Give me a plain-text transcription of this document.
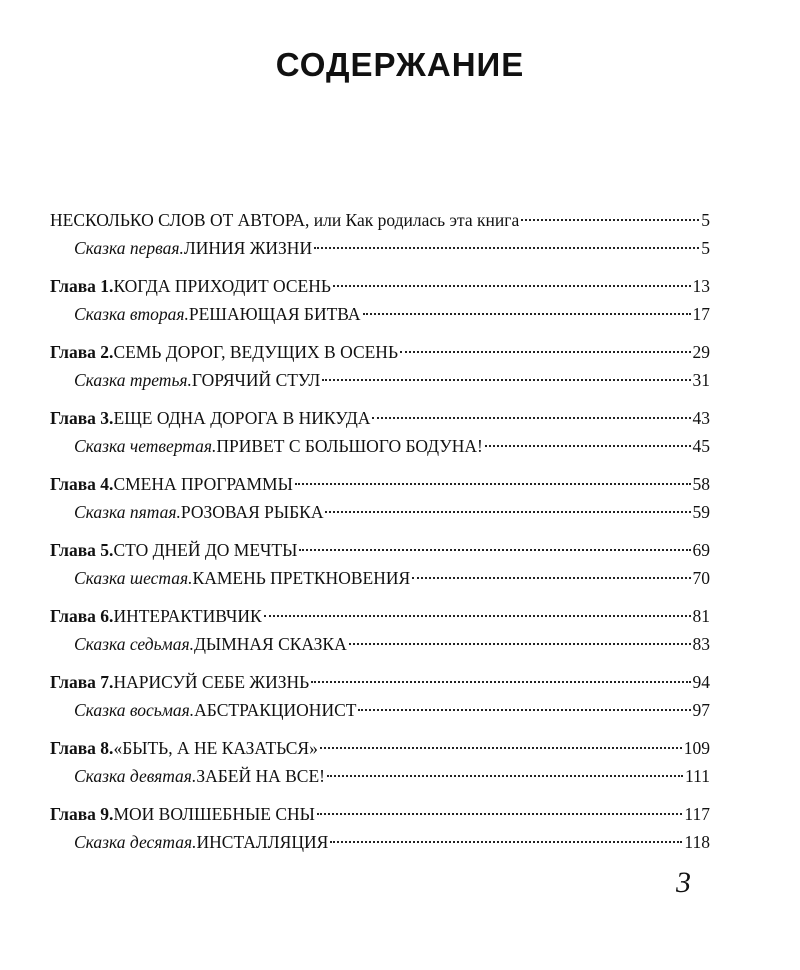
СОДЕРЖАНИЕ
НЕСКОЛЬКО СЛОВ ОТ АВТОРА, или Как родилась эта книга	5
Сказка первая. ЛИНИЯ ЖИЗНИ	5
Глава 1. КОГДА ПРИХОДИТ ОСЕНЬ	13
Сказка вторая. РЕШАЮЩАЯ БИТВА	17
Глава 2. СЕМЬ ДОРОГ, ВЕДУЩИХ В ОСЕНЬ	29
Сказка третья. ГОРЯЧИЙ СТУЛ	31
Глава 3. ЕЩЕ ОДНА ДОРОГА В НИКУДА	43
Сказка четвертая. ПРИВЕТ С БОЛЬШОГО БОДУНА!	45
Глава 4. СМЕНА ПРОГРАММЫ	58
Сказка пятая. РОЗОВАЯ РЫБКА	59
Глава 5. СТО ДНЕЙ ДО МЕЧТЫ	69
Сказка шестая. КАМЕНЬ ПРЕТКНОВЕНИЯ	70
Глава 6. ИНТЕРАКТИВЧИК	81
Сказка седьмая. ДЫМНАЯ СКАЗКА	83
Глава 7. НАРИСУЙ СЕБЕ ЖИЗНЬ	94
Сказка восьмая. АБСТРАКЦИОНИСТ	97
Глава 8. «БЫТЬ, А НЕ КАЗАТЬСЯ»	109
Сказка девятая. ЗАБЕЙ НА ВСЕ!	111
Глава 9. МОИ ВОЛШЕБНЫЕ СНЫ	117
Сказка десятая. ИНСТАЛЛЯЦИЯ	118
3
